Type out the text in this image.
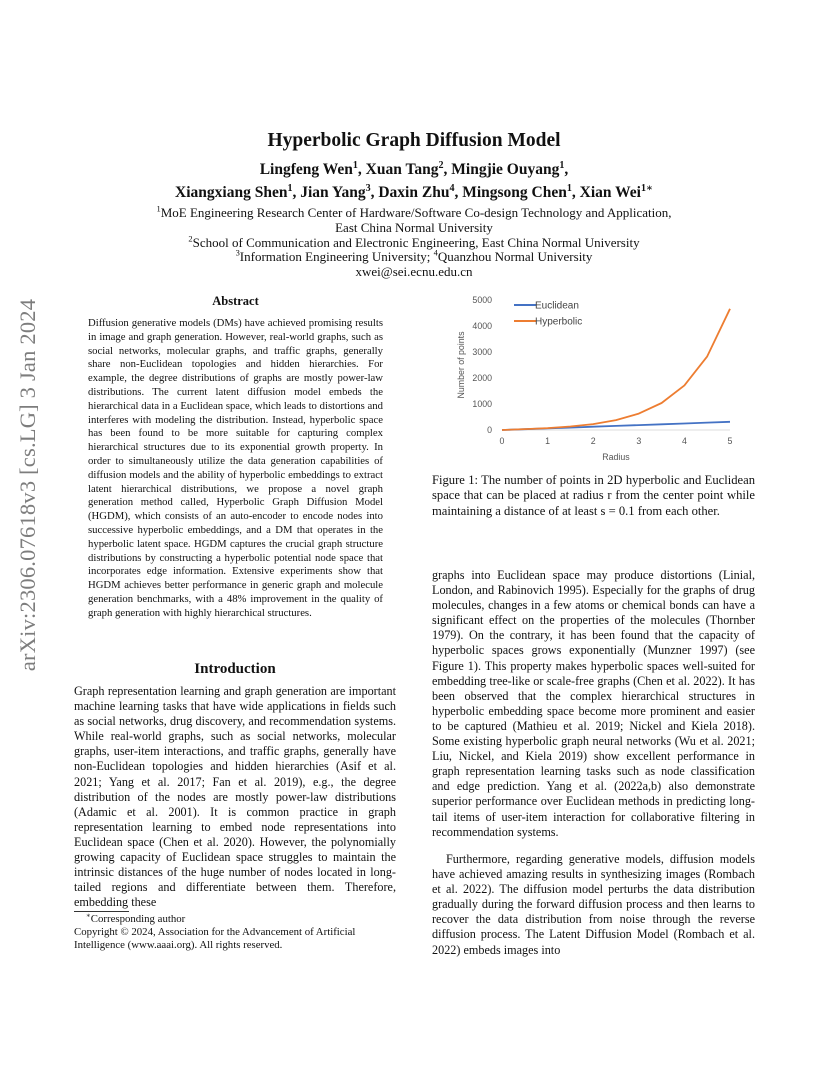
arXiv:2306.07618v3 [cs.LG] 3 Jan 2024
Hyperbolic Graph Diffusion Model
Lingfeng Wen$^1$, Xuan Tang$^2$, Mingjie Ouyang$^1$,
Xiangxiang Shen$^1$, Jian Yang$^3$, Daxin Zhu$^4$, Mingsong Chen$^1$, Xian Wei$^{1∗}$
$^1$MoE Engineering Research Center of Hardware/Software Co-design Technology and Application,
East China Normal University
$^2$School of Communication and Electronic Engineering, East China Normal University
$^3$Information Engineering University; $^4$Quanzhou Normal University
xwei@sei.ecnu.edu.cn
Abstract
Diffusion generative models (DMs) have achieved promising results in image and graph generation. However, real-world graphs, such as social networks, molecular graphs, and traffic graphs, generally share non-Euclidean topologies and hidden hierarchies. For example, the degree distributions of graphs are mostly power-law distributions. The current latent diffusion model embeds the hierarchical data in a Euclidean space, which leads to distortions and interferes with modeling the distribution. Instead, hyperbolic space has been found to be more suitable for capturing complex hierarchical structures due to its exponential growth property. In order to simultaneously utilize the data generation capabilities of diffusion models and the ability of hyperbolic embeddings to extract latent hierarchical distributions, we propose a novel graph generation method called, Hyperbolic Graph Diffusion Model (HGDM), which consists of an auto-encoder to encode nodes into successive hyperbolic embeddings, and a DM that operates in the hyperbolic latent space. HGDM captures the crucial graph structure distributions by constructing a hyperbolic potential node space that incorporates edge information. Extensive experiments show that HGDM achieves better performance in generic graph and molecule generation benchmarks, with a 48% improvement in the quality of graph generation with highly hierarchical structures.
Introduction
Graph representation learning and graph generation are important machine learning tasks that have wide applications in fields such as social networks, drug discovery, and recommendation systems. While real-world graphs, such as social networks, molecular graphs, user-item interactions, and traffic graphs, generally have non-Euclidean topologies and hidden hierarchies (Asif et al. 2021; Yang et al. 2017; Fan et al. 2019), e.g., the degree distribution of the nodes are mostly power-law distributions (Adamic et al. 2001). It is common practice in graph representation learning to embed node representations into Euclidean space (Chen et al. 2020). However, the polynomially growing capacity of Euclidean space struggles to maintain the intrinsic distances of the huge number of nodes located in long-tailed regions and differentiate between them. Therefore, embedding these
∗Corresponding author
Copyright © 2024, Association for the Advancement of Artificial Intelligence (www.aaai.org). All rights reserved.
0
1000
2000
3000
4000
5000
0	1	2	3	4	5
Number of points
Radius
Euclidean
Hyperbolic
Figure 1: The number of points in 2D hyperbolic and Euclidean space that can be placed at radius r from the center point while maintaining a distance of at least s = 0.1 from each other.
graphs into Euclidean space may produce distortions (Linial, London, and Rabinovich 1995). Especially for the graphs of drug molecules, changes in a few atoms or chemical bonds can have a significant effect on the properties of the molecules (Thornber 1979). On the contrary, it has been found that the capacity of hyperbolic spaces grows exponentially (Munzner 1997) (see Figure 1). This property makes hyperbolic spaces well-suited for embedding tree-like or scale-free graphs (Chen et al. 2022). It has been observed that the complex hierarchical structures in hyperbolic embedding space become more prominent and easier to be captured (Mathieu et al. 2019; Nickel and Kiela 2018). Some existing hyperbolic graph neural networks (Wu et al. 2021; Liu, Nickel, and Kiela 2019) show excellent performance in graph representation learning tasks such as node classification and edge prediction. Yang et al. (2022a,b) also demonstrate superior performance over Euclidean methods in predicting long-tail items of user-item interaction for collaborative filtering in recommendation systems.
Furthermore, regarding generative models, diffusion models have achieved amazing results in synthesizing images (Rombach et al. 2022). The diffusion model perturbs the data distribution gradually during the forward diffusion process and then learns to recover the data distribution from noise through the reverse diffusion process. The Latent Diffusion Model (Rombach et al. 2022) embeds images into
